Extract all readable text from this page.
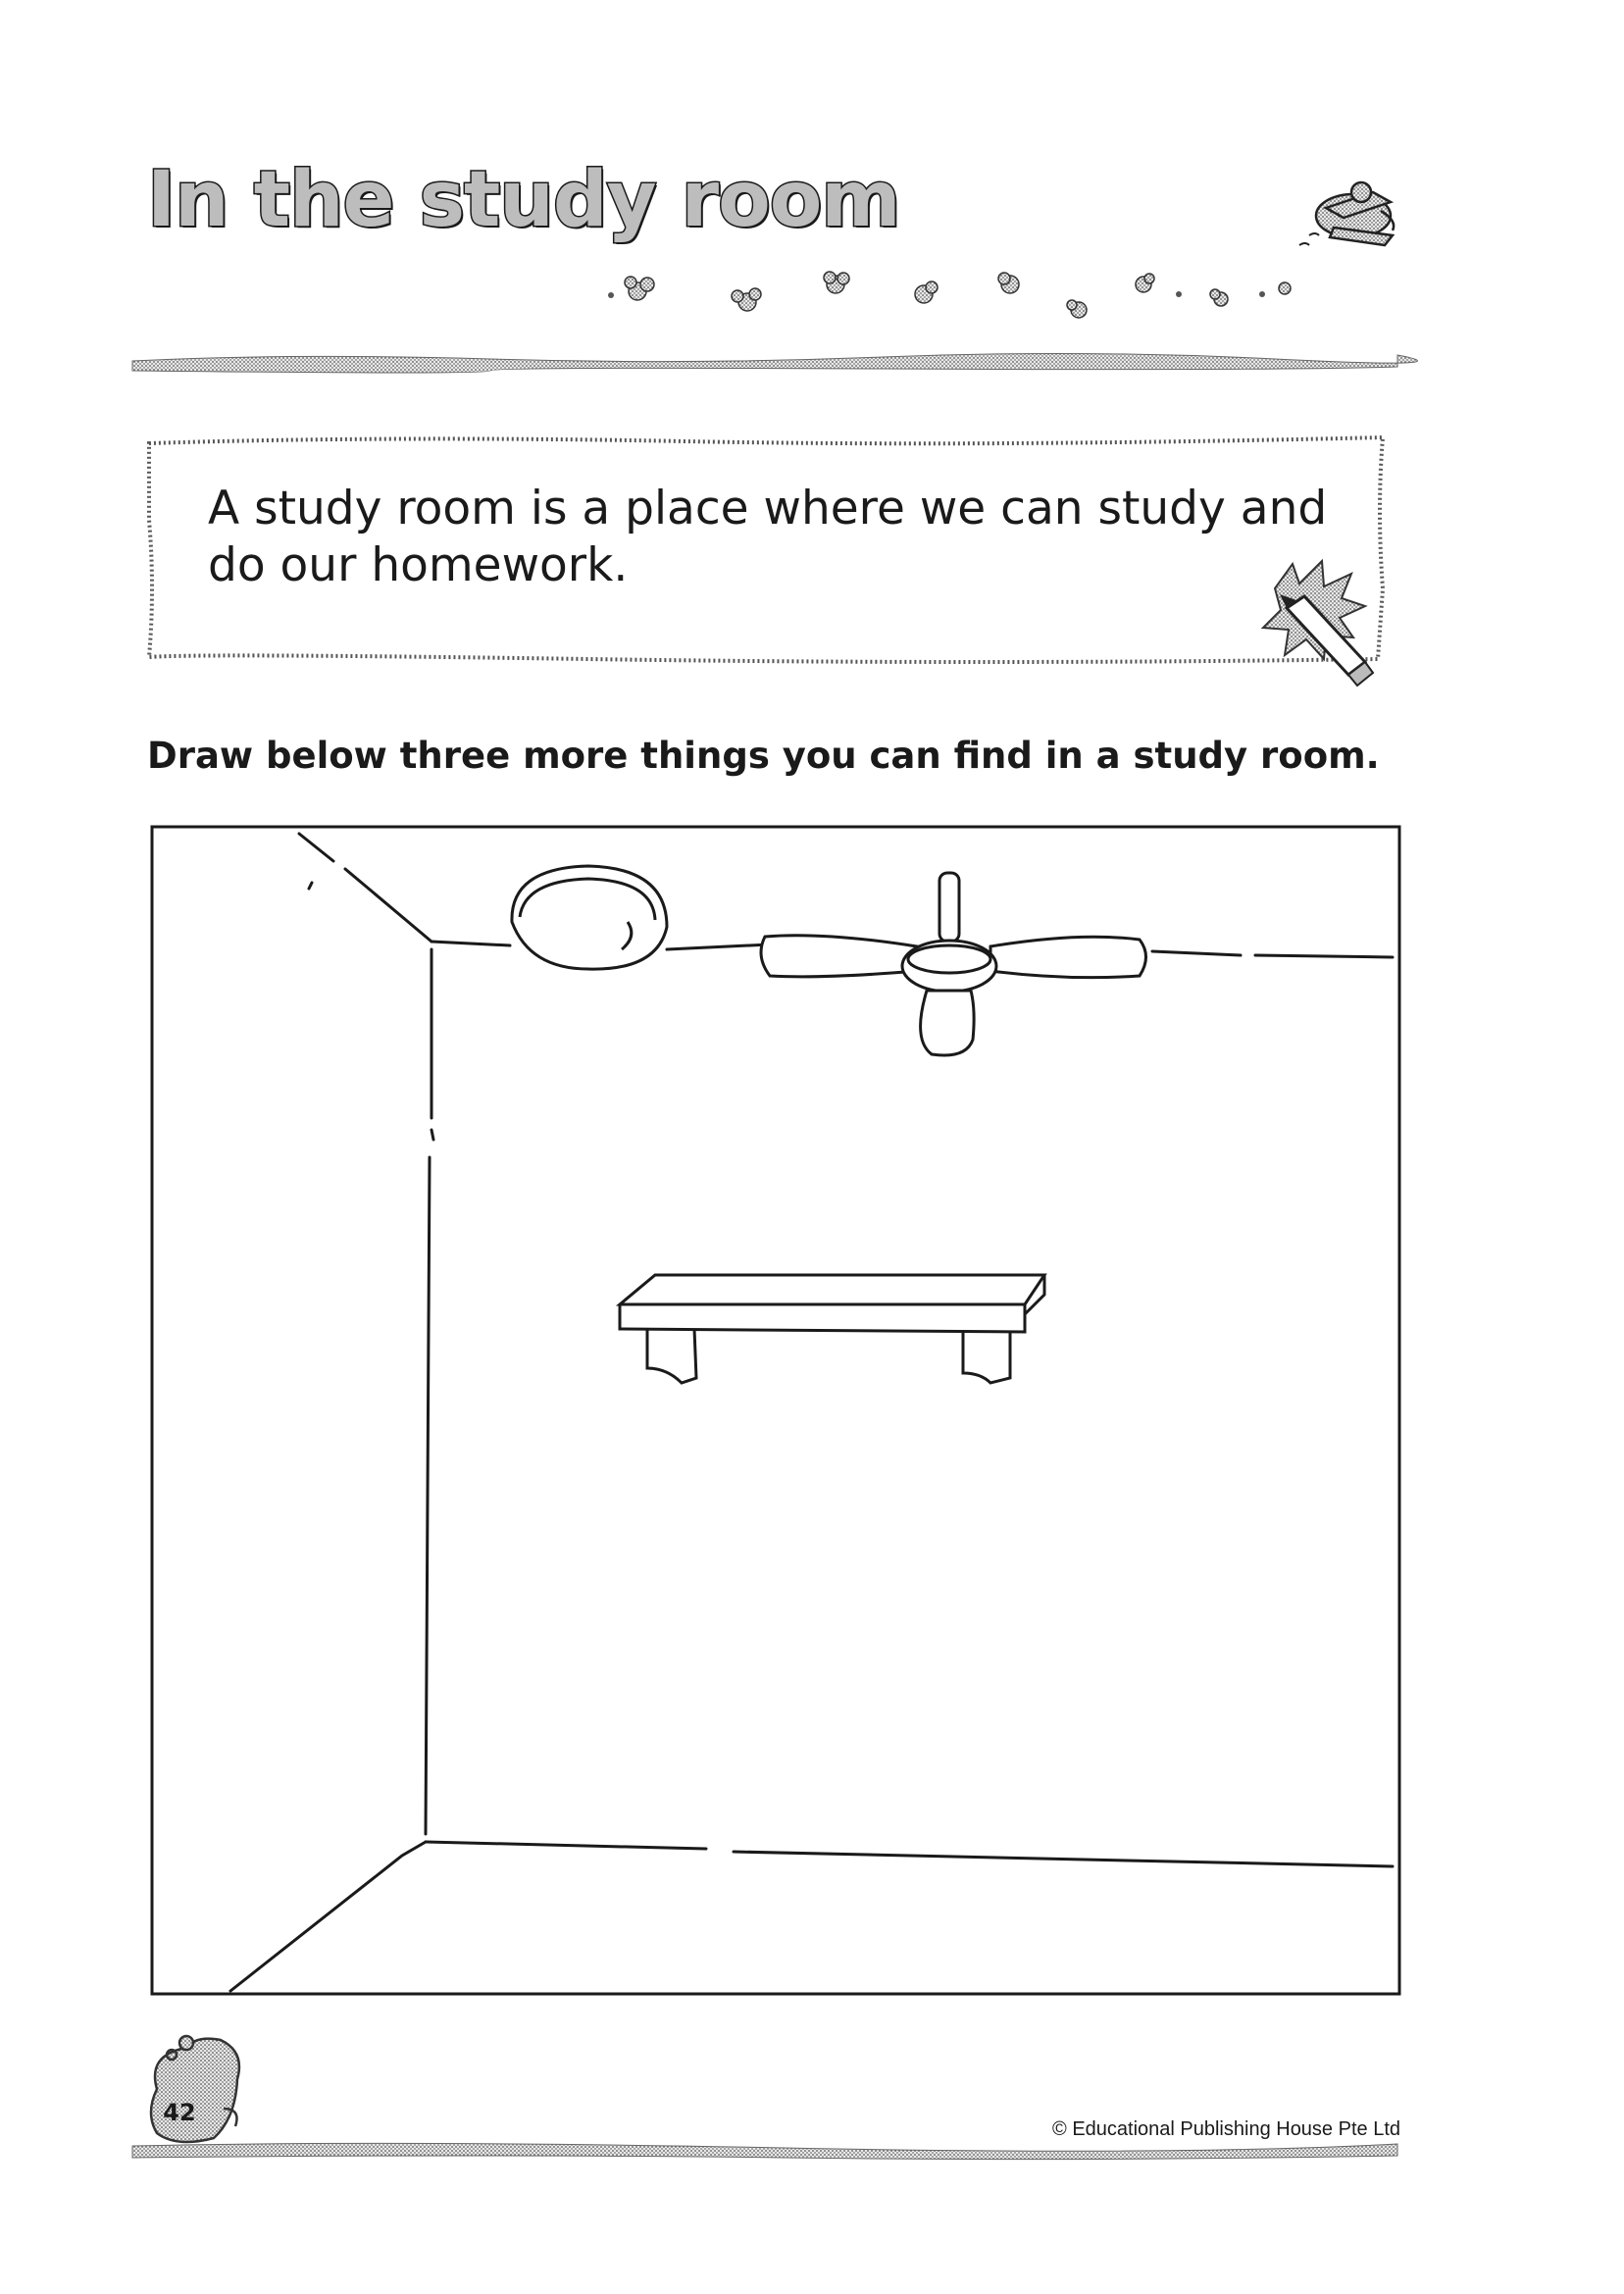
In the study room
A study room is a place where we can study and do our homework.

Draw below three more things you can find in a study room.

42
© Educational Publishing House Pte Ltd
